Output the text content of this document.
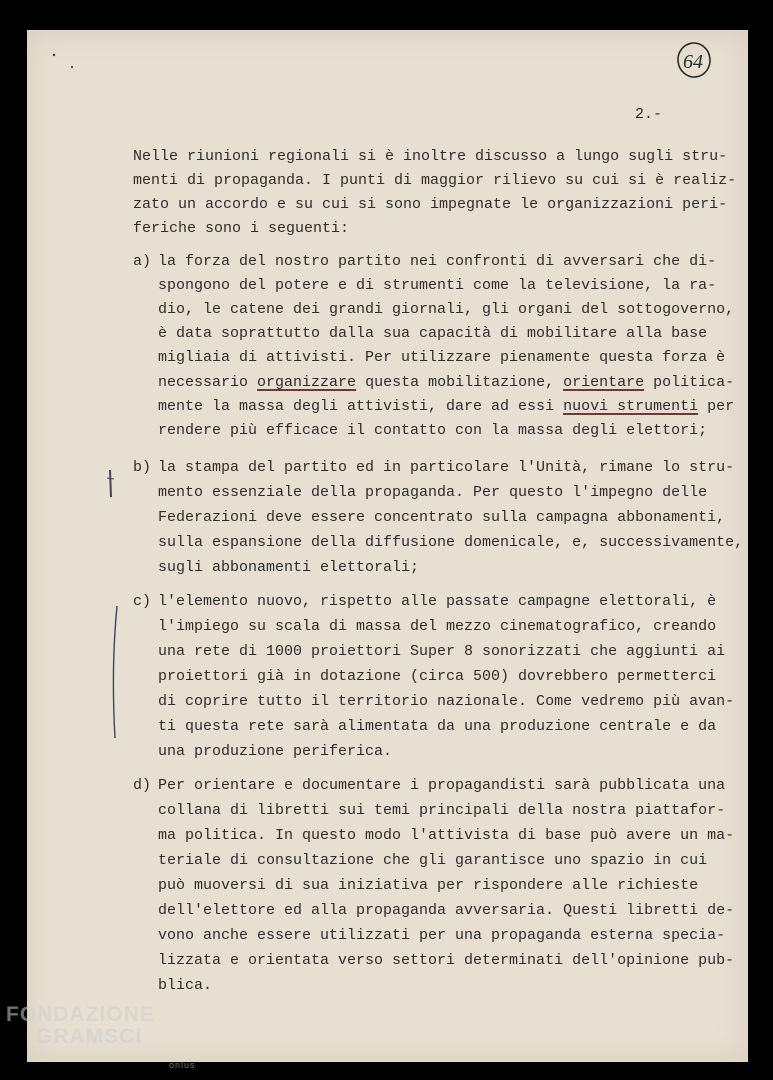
64

2.-

Nelle riunioni regionali si è inoltre discusso a lungo sugli stru-

menti di propaganda. I punti di maggior rilievo su cui si è realiz-

zato un accordo e su cui si sono impegnate le organizzazioni peri-

feriche sono i seguenti:

a) la forza del nostro partito nei confronti di avversari che di-

spongono del potere e di strumenti come la televisione, la ra-

dio, le catene dei grandi giornali, gli organi del sottogoverno,

è data soprattutto dalla sua capacità di mobilitare alla base

migliaia di attivisti. Per utilizzare pienamente questa forza è

necessario organizzare questa mobilitazione, orientare politica-

mente la massa degli attivisti, dare ad essi nuovi strumenti per

rendere più efficace il contatto con la massa degli elettori;

b) la stampa del partito ed in particolare l'Unità, rimane lo stru-

mento essenziale della propaganda. Per questo l'impegno delle

Federazioni deve essere concentrato sulla campagna abbonamenti,

sulla espansione della diffusione domenicale, e, successivamente,

sugli abbonamenti elettorali;

c) l'elemento nuovo, rispetto alle passate campagne elettorali, è

l'impiego su scala di massa del mezzo cinematografico, creando

una rete di 1000 proiettori Super 8 sonorizzati che aggiunti ai

proiettori già in dotazione (circa 500) dovrebbero permetterci

di coprire tutto il territorio nazionale. Come vedremo più avan-

ti questa rete sarà alimentata da una produzione centrale e da

una produzione periferica.

d) Per orientare e documentare i propagandisti sarà pubblicata una

collana di libretti sui temi principali della nostra piattafor-

ma politica. In questo modo l'attivista di base può avere un ma-

teriale di consultazione che gli garantisce uno spazio in cui

può muoversi di sua iniziativa per rispondere alle richieste

dell'elettore ed alla propaganda avversaria. Questi libretti de-

vono anche essere utilizzati per una propaganda esterna specia-

lizzata e orientata verso settori determinati dell'opinione pub-

blica.

FONDAZIONE
GRAMSCI
onlus
